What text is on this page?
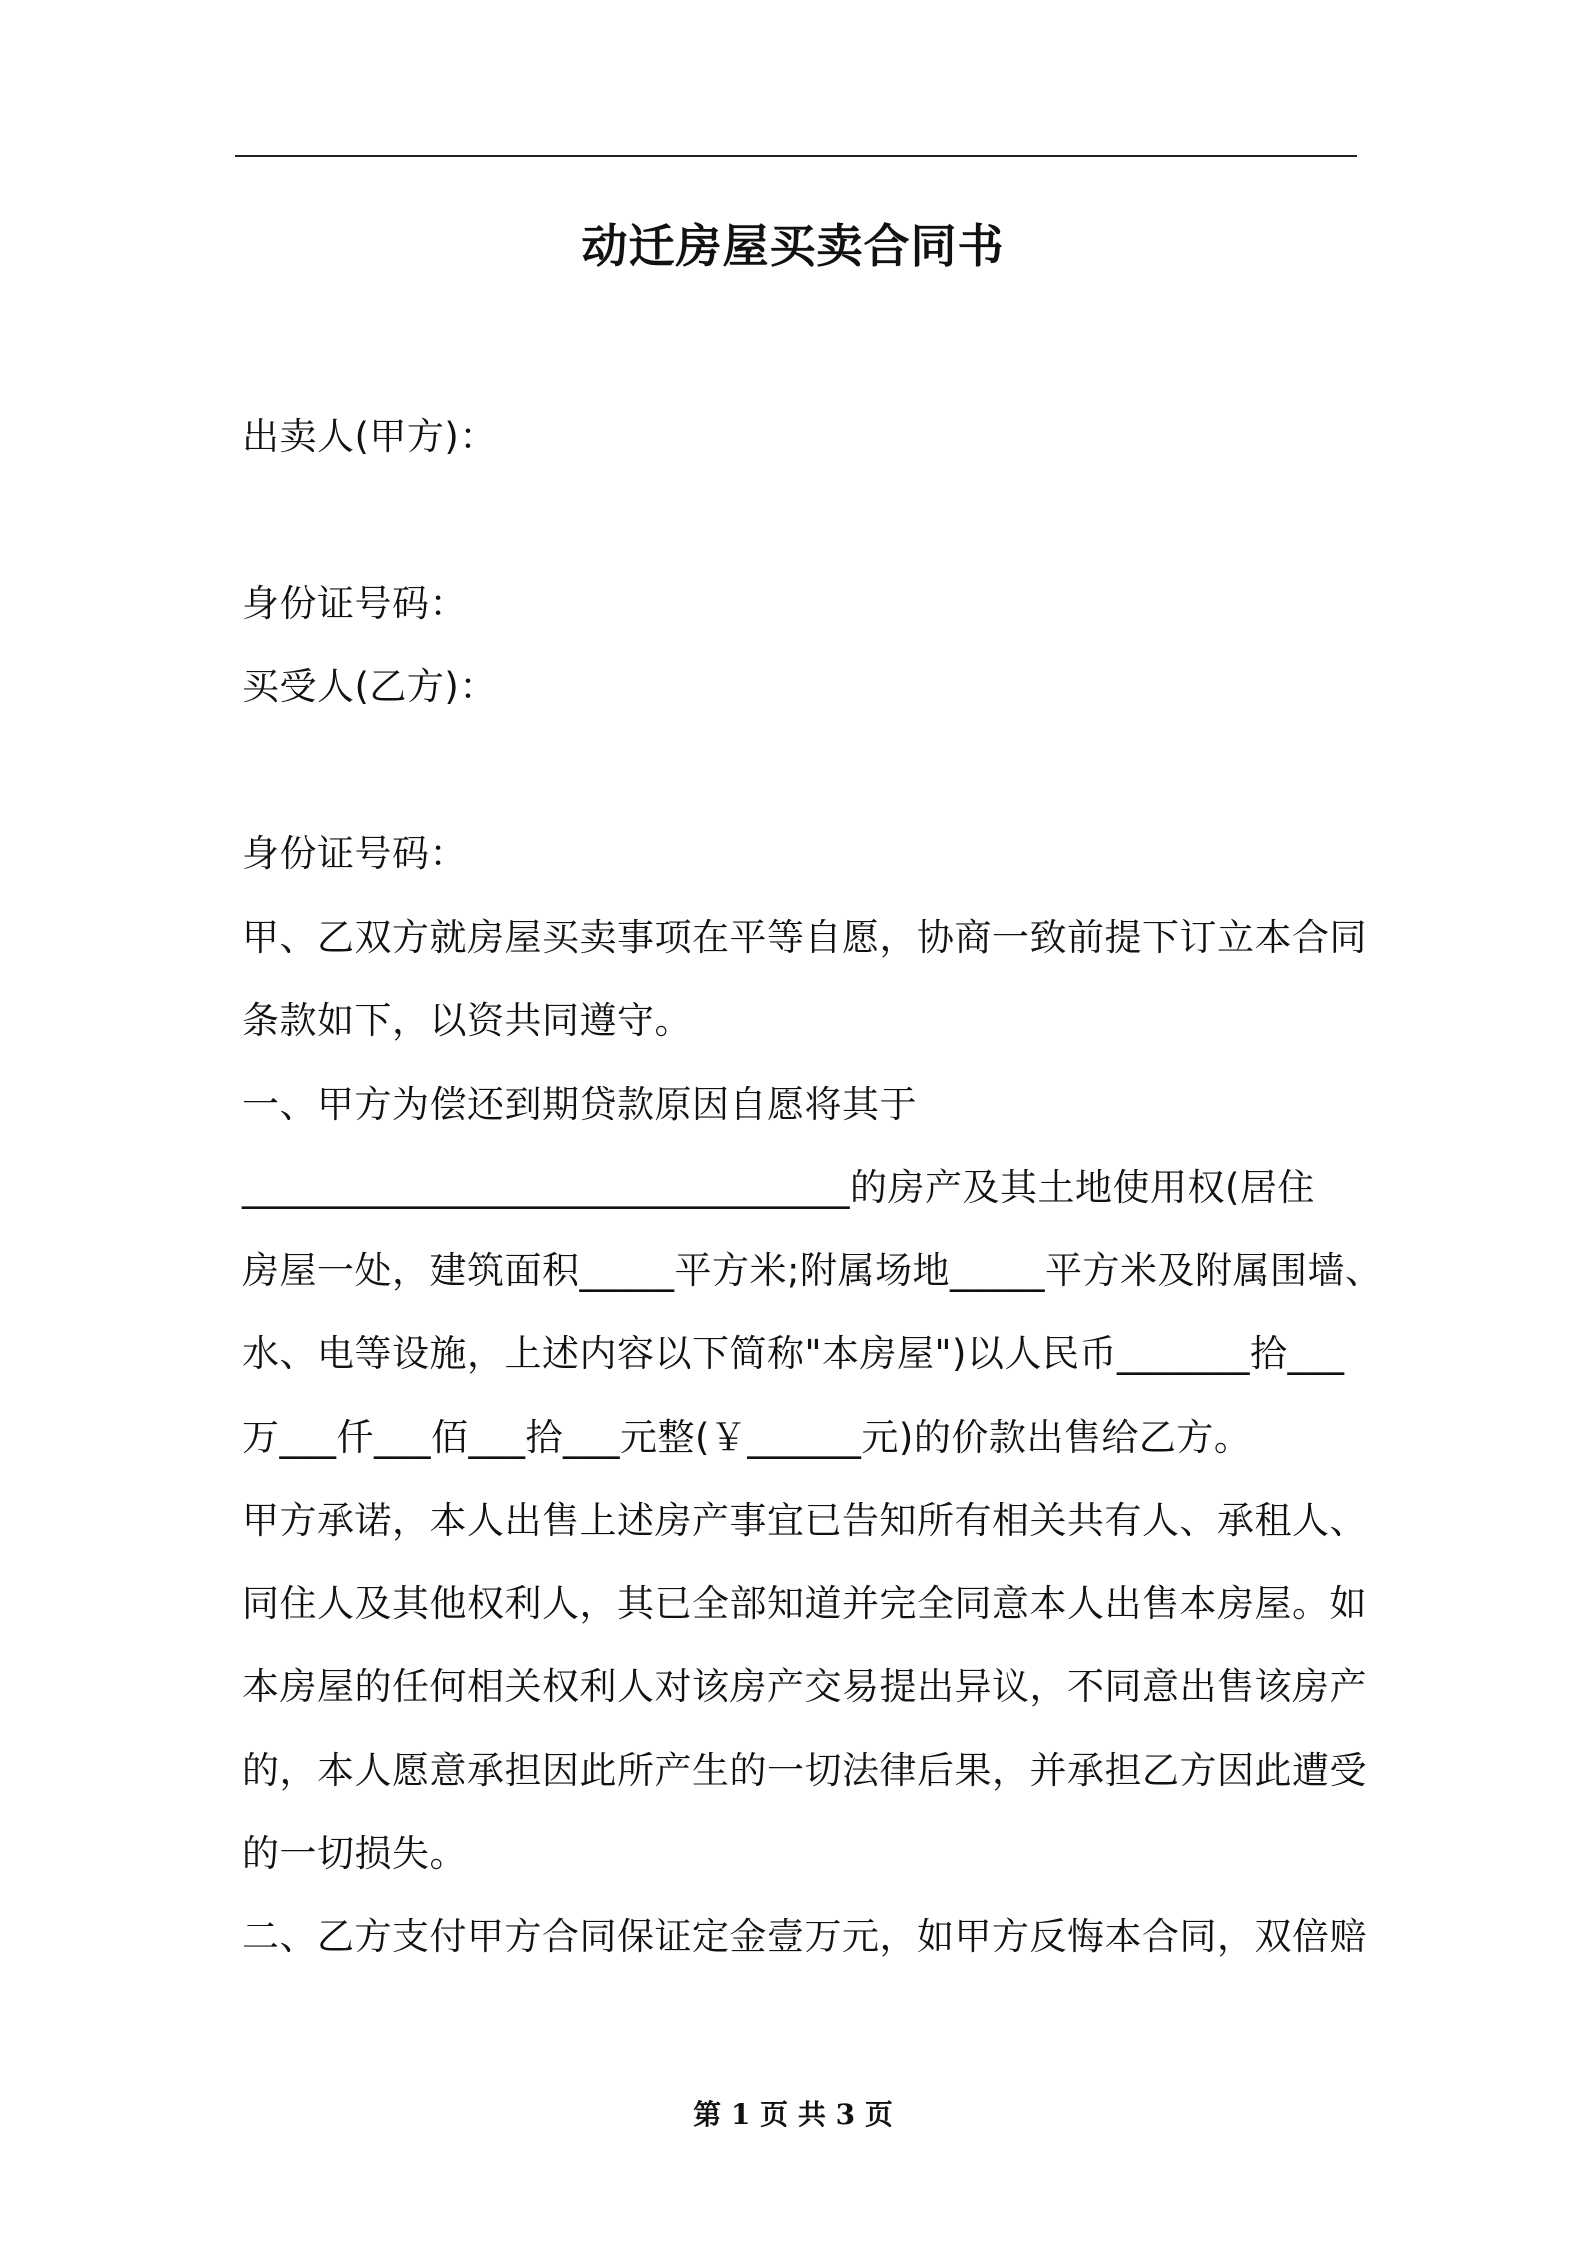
动迁房屋买卖合同书
出卖人(甲方)：
身份证号码：
买受人(乙方)：
身份证号码：
甲、乙双方就房屋买卖事项在平等自愿，协商一致前提下订立本合同
条款如下，以资共同遵守。
一、甲方为偿还到期贷款原因自愿将其于
________________________________的房产及其土地使用权(居住
房屋一处，建筑面积_____平方米;附属场地_____平方米及附属围墙、
水、电等设施，上述内容以下简称"本房屋")以人民币_______拾___
万___仟___佰___拾___元整(￥______元)的价款出售给乙方。
甲方承诺，本人出售上述房产事宜已告知所有相关共有人、承租人、
同住人及其他权利人，其已全部知道并完全同意本人出售本房屋。如
本房屋的任何相关权利人对该房产交易提出异议，不同意出售该房产
的，本人愿意承担因此所产生的一切法律后果，并承担乙方因此遭受
的一切损失。
二、乙方支付甲方合同保证定金壹万元，如甲方反悔本合同，双倍赔
第 1 页 共 3 页
